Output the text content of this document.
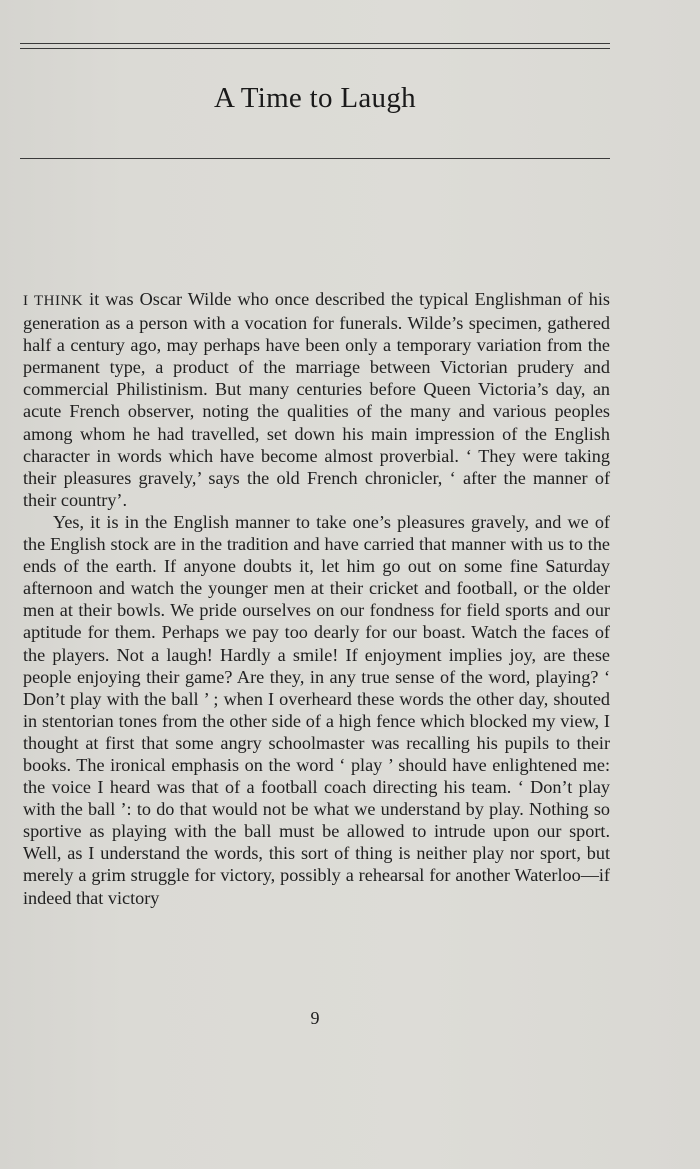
A Time to Laugh

I THINK it was Oscar Wilde who once described the typical Englishman of his generation as a person with a vocation for funerals. Wilde’s specimen, gathered half a century ago, may perhaps have been only a temporary variation from the permanent type, a product of the marriage between Victorian prudery and commercial Philistinism. But many centuries before Queen Victoria’s day, an acute French observer, noting the qualities of the many and various peoples among whom he had travelled, set down his main impression of the English character in words which have become almost proverbial. ‘ They were taking their pleasures gravely,’ says the old French chronicler, ‘ after the manner of their country’.

Yes, it is in the English manner to take one’s pleasures gravely, and we of the English stock are in the tradition and have carried that manner with us to the ends of the earth. If anyone doubts it, let him go out on some fine Saturday afternoon and watch the younger men at their cricket and football, or the older men at their bowls. We pride ourselves on our fondness for field sports and our aptitude for them. Perhaps we pay too dearly for our boast. Watch the faces of the players. Not a laugh! Hardly a smile! If enjoyment implies joy, are these people enjoying their game? Are they, in any true sense of the word, playing? ‘ Don’t play with the ball ’ ; when I overheard these words the other day, shouted in stentorian tones from the other side of a high fence which blocked my view, I thought at first that some angry schoolmaster was recalling his pupils to their books. The ironical emphasis on the word ‘ play ’ should have enlightened me: the voice I heard was that of a football coach directing his team. ‘ Don’t play with the ball ’: to do that would not be what we understand by play. Nothing so sportive as playing with the ball must be allowed to intrude upon our sport. Well, as I understand the words, this sort of thing is neither play nor sport, but merely a grim struggle for victory, possibly a rehearsal for another Waterloo—if indeed that victory

9
